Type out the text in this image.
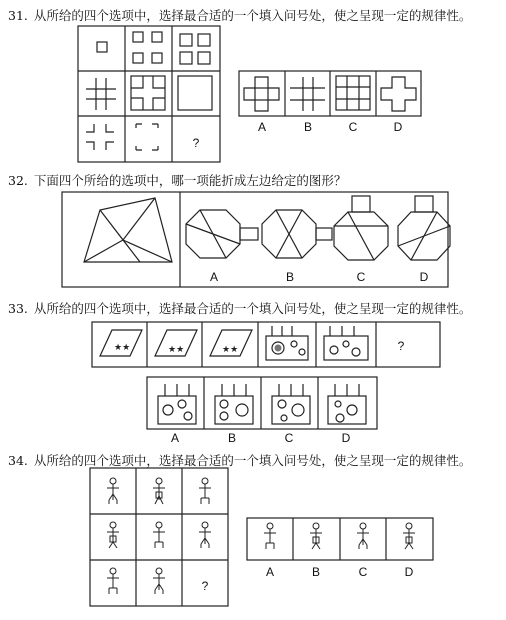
31. 从所给的四个选项中，选择最合适的一个填入问号处，使之呈现一定的规律性。
★★	★★	★★
?
?
?
A	B	C	D
A	B	C	D
A	B	C	D
A	B	C	D
32. 下面四个所给的选项中，哪一项能折成左边给定的图形？
33. 从所给的四个选项中，选择最合适的一个填入问号处，使之呈现一定的规律性。
34. 从所给的四个选项中，选择最合适的一个填入问号处，使之呈现一定的规律性。
